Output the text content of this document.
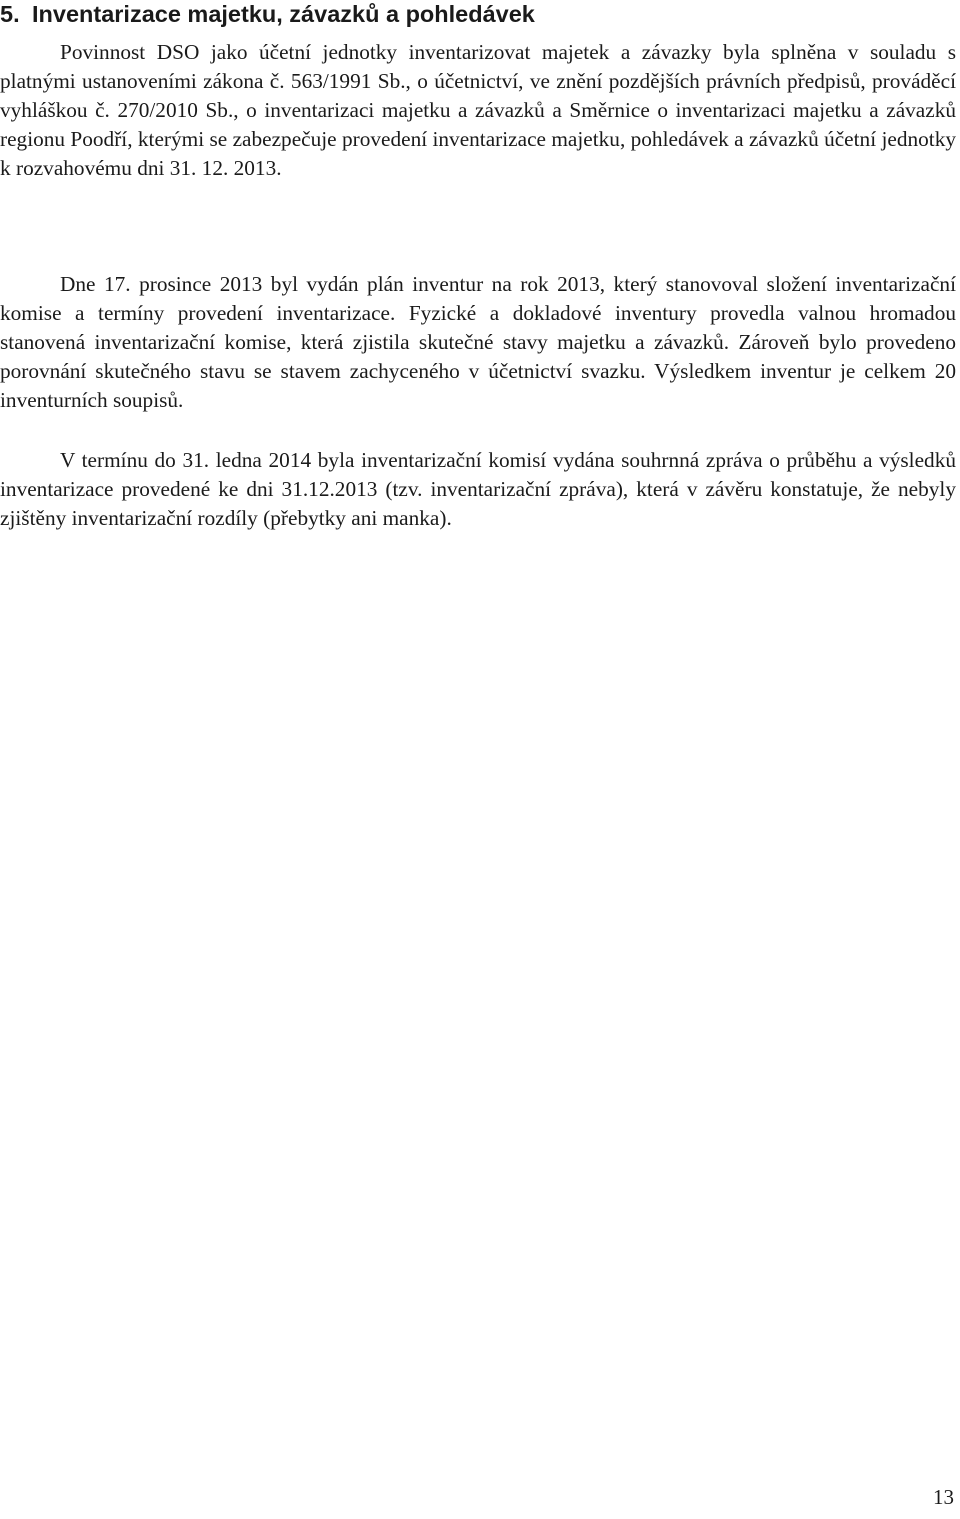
5. Inventarizace majetku, závazků a pohledávek

Povinnost DSO jako účetní jednotky inventarizovat majetek a závazky byla splněna v souladu s platnými ustanoveními zákona č. 563/1991 Sb., o účetnictví, ve znění pozdějších právních předpisů, prováděcí vyhláškou č. 270/2010 Sb., o inventarizaci majetku a závazků a Směrnice o inventarizaci majetku a závazků regionu Poodří, kterými se zabezpečuje provedení inventarizace majetku, pohledávek a závazků účetní jednotky k rozvahovému dni 31. 12. 2013.

Dne 17. prosince 2013 byl vydán plán inventur na rok 2013, který stanovoval složení inventarizační komise a termíny provedení inventarizace. Fyzické a dokladové inventury provedla valnou hromadou stanovená inventarizační komise, která zjistila skutečné stavy majetku a závazků. Zároveň bylo provedeno porovnání skutečného stavu se stavem zachyceného v účetnictví svazku. Výsledkem inventur je celkem 20 inventurních soupisů.

V termínu do 31. ledna 2014 byla inventarizační komisí vydána souhrnná zpráva o průběhu a výsledků inventarizace provedené ke dni 31.12.2013 (tzv. inventarizační zpráva), která v závěru konstatuje, že nebyly zjištěny inventarizační rozdíly (přebytky ani manka).

13
